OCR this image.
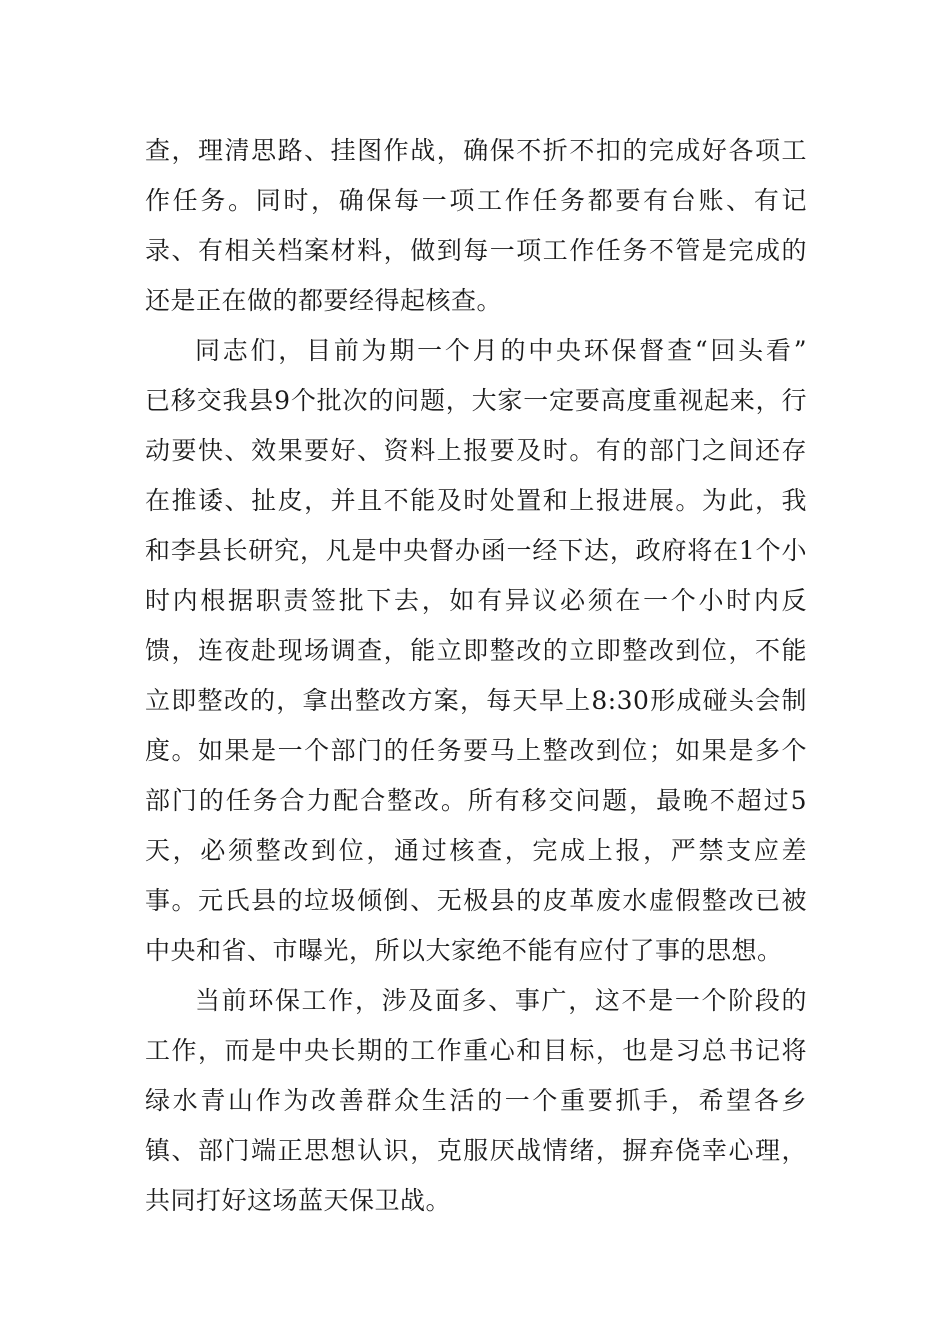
查，理清思路、挂图作战，确保不折不扣的完成好各项工
作任务。同时，确保每一项工作任务都要有台账、有记
录、有相关档案材料，做到每一项工作任务不管是完成的
还是正在做的都要经得起核查。
同志们，目前为期一个月的中央环保督查“回头看”
已移交我县9个批次的问题，大家一定要高度重视起来，行
动要快、效果要好、资料上报要及时。有的部门之间还存
在推诿、扯皮，并且不能及时处置和上报进展。为此，我
和李县长研究，凡是中央督办函一经下达，政府将在1个小
时内根据职责签批下去，如有异议必须在一个小时内反
馈，连夜赴现场调查，能立即整改的立即整改到位，不能
立即整改的，拿出整改方案，每天早上8:30形成碰头会制
度。如果是一个部门的任务要马上整改到位；如果是多个
部门的任务合力配合整改。所有移交问题，最晚不超过5
天，必须整改到位，通过核查，完成上报，严禁支应差
事。元氏县的垃圾倾倒、无极县的皮革废水虚假整改已被
中央和省、市曝光，所以大家绝不能有应付了事的思想。
当前环保工作，涉及面多、事广，这不是一个阶段的
工作，而是中央长期的工作重心和目标，也是习总书记将
绿水青山作为改善群众生活的一个重要抓手，希望各乡
镇、部门端正思想认识，克服厌战情绪，摒弃侥幸心理，
共同打好这场蓝天保卫战。
